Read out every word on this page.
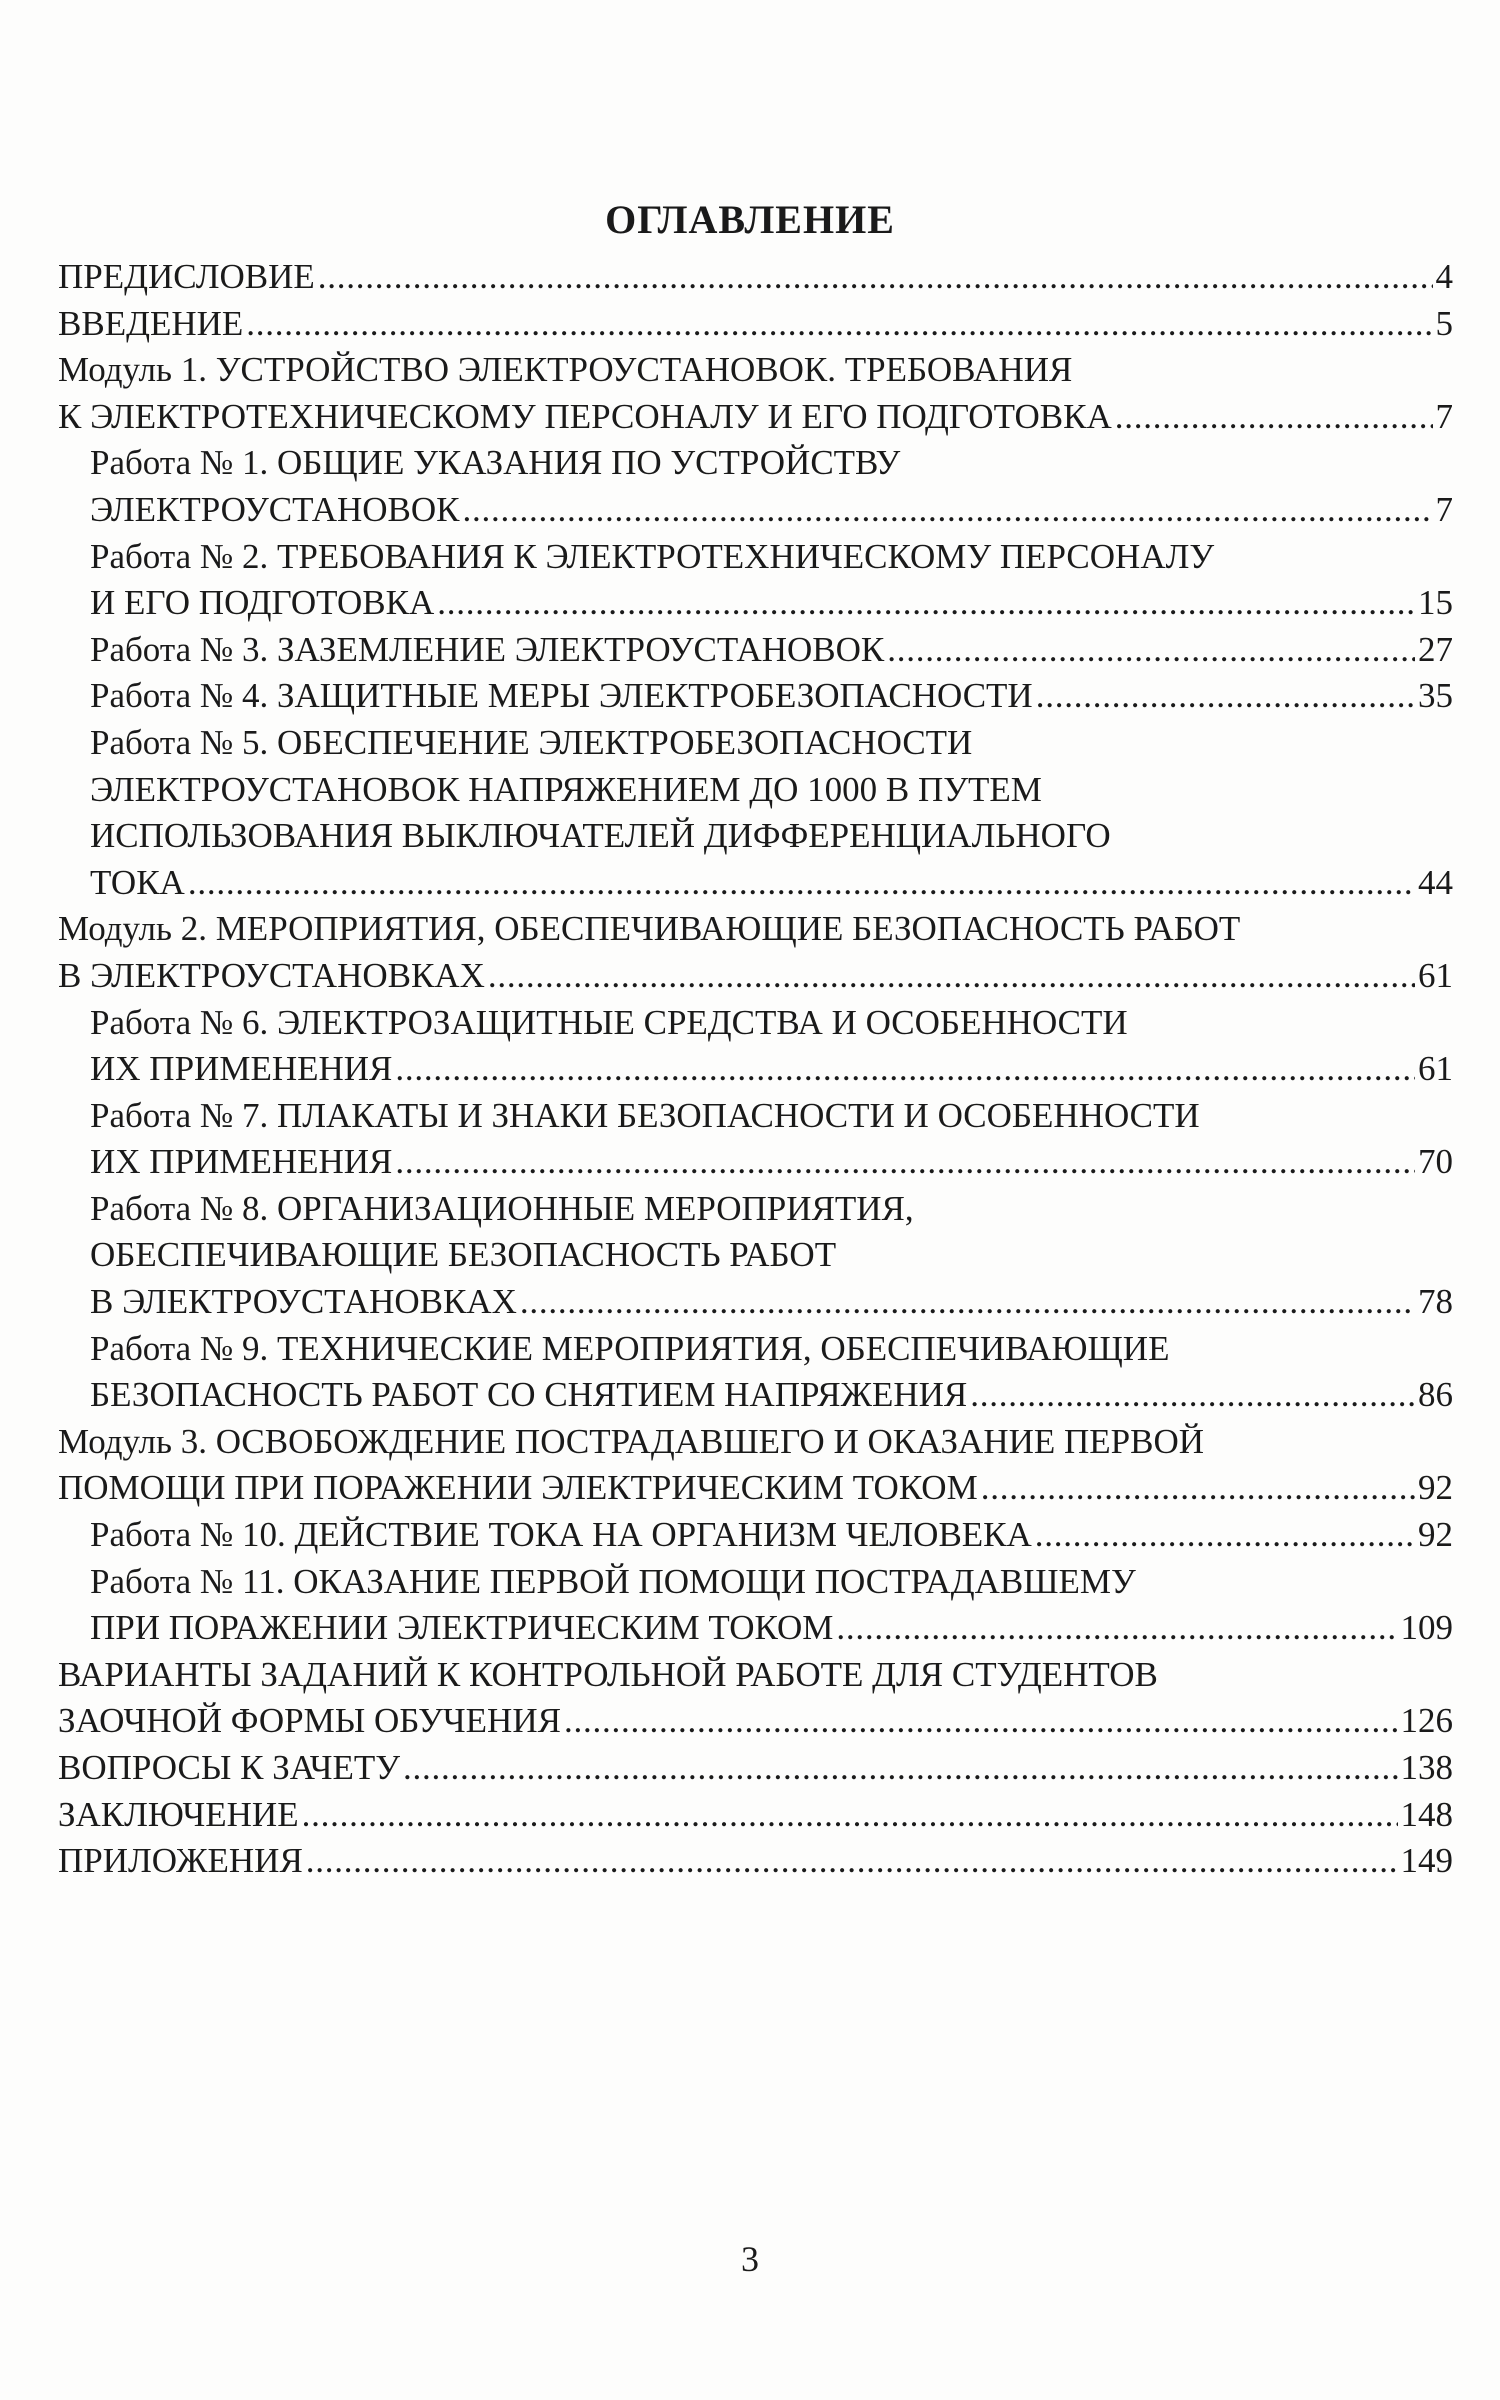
ОГЛАВЛЕНИЕ
ПРЕДИСЛОВИЕ . . .	4
ВВЕДЕНИЕ . . .	5
Модуль 1. УСТРОЙСТВО ЭЛЕКТРОУСТАНОВОК. ТРЕБОВАНИЯ
К ЭЛЕКТРОТЕХНИЧЕСКОМУ ПЕРСОНАЛУ И ЕГО ПОДГОТОВКА . . .	7
Работа № 1. ОБЩИЕ УКАЗАНИЯ ПО УСТРОЙСТВУ
ЭЛЕКТРОУСТАНОВОК . . .	7
Работа № 2. ТРЕБОВАНИЯ К ЭЛЕКТРОТЕХНИЧЕСКОМУ ПЕРСОНАЛУ
И ЕГО ПОДГОТОВКА . . .	15
Работа № 3. ЗАЗЕМЛЕНИЕ ЭЛЕКТРОУСТАНОВОК . . .	27
Работа № 4. ЗАЩИТНЫЕ МЕРЫ ЭЛЕКТРОБЕЗОПАСНОСТИ . . .	35
Работа № 5. ОБЕСПЕЧЕНИЕ ЭЛЕКТРОБЕЗОПАСНОСТИ
ЭЛЕКТРОУСТАНОВОК НАПРЯЖЕНИЕМ ДО 1000 В ПУТЕМ
ИСПОЛЬЗОВАНИЯ ВЫКЛЮЧАТЕЛЕЙ ДИФФЕРЕНЦИАЛЬНОГО
ТОКА . . .	44
Модуль 2. МЕРОПРИЯТИЯ, ОБЕСПЕЧИВАЮЩИЕ БЕЗОПАСНОСТЬ РАБОТ
В ЭЛЕКТРОУСТАНОВКАХ . . .	61
Работа № 6. ЭЛЕКТРОЗАЩИТНЫЕ СРЕДСТВА И ОСОБЕННОСТИ
ИХ ПРИМЕНЕНИЯ . . .	61
Работа № 7. ПЛАКАТЫ И ЗНАКИ БЕЗОПАСНОСТИ И ОСОБЕННОСТИ
ИХ ПРИМЕНЕНИЯ . . .	70
Работа № 8. ОРГАНИЗАЦИОННЫЕ МЕРОПРИЯТИЯ,
ОБЕСПЕЧИВАЮЩИЕ БЕЗОПАСНОСТЬ РАБОТ
В ЭЛЕКТРОУСТАНОВКАХ . . .	78
Работа № 9. ТЕХНИЧЕСКИЕ МЕРОПРИЯТИЯ, ОБЕСПЕЧИВАЮЩИЕ
БЕЗОПАСНОСТЬ РАБОТ СО СНЯТИЕМ НАПРЯЖЕНИЯ . . .	86
Модуль 3. ОСВОБОЖДЕНИЕ ПОСТРАДАВШЕГО И ОКАЗАНИЕ ПЕРВОЙ
ПОМОЩИ ПРИ ПОРАЖЕНИИ ЭЛЕКТРИЧЕСКИМ ТОКОМ . . .	92
Работа № 10. ДЕЙСТВИЕ ТОКА НА ОРГАНИЗМ ЧЕЛОВЕКА . . .	92
Работа № 11. ОКАЗАНИЕ ПЕРВОЙ ПОМОЩИ ПОСТРАДАВШЕМУ
ПРИ ПОРАЖЕНИИ ЭЛЕКТРИЧЕСКИМ ТОКОМ . . .	109
ВАРИАНТЫ ЗАДАНИЙ К КОНТРОЛЬНОЙ РАБОТЕ ДЛЯ СТУДЕНТОВ
ЗАОЧНОЙ ФОРМЫ ОБУЧЕНИЯ . . .	126
ВОПРОСЫ К ЗАЧЕТУ . . .	138
ЗАКЛЮЧЕНИЕ . . .	148
ПРИЛОЖЕНИЯ . . .	149
3
